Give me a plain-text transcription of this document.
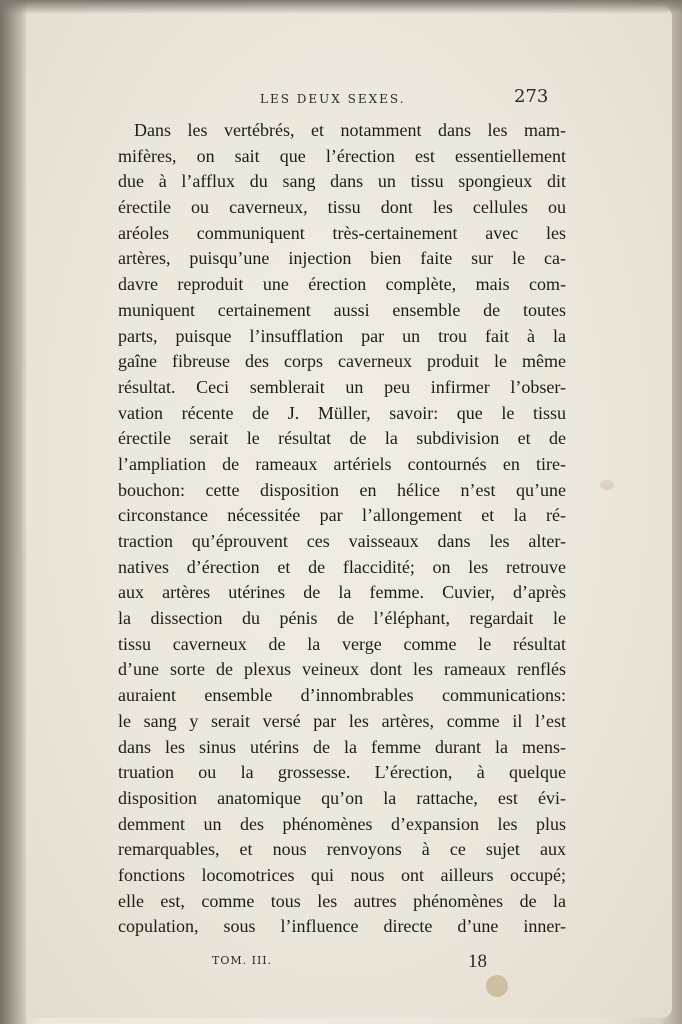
LES DEUX SEXES.	273
Dans les vertébrés, et notamment dans les mam-
mifères, on sait que l’érection est essentiellement
due à l’afflux du sang dans un tissu spongieux dit
érectile ou caverneux, tissu dont les cellules ou
aréoles communiquent très-certainement avec les
artères, puisqu’une injection bien faite sur le ca-
davre reproduit une érection complète, mais com-
muniquent certainement aussi ensemble de toutes
parts, puisque l’insufflation par un trou fait à la
gaîne fibreuse des corps caverneux produit le même
résultat. Ceci semblerait un peu infirmer l’obser-
vation récente de J. Müller, savoir: que le tissu
érectile serait le résultat de la subdivision et de
l’ampliation de rameaux artériels contournés en tire-
bouchon: cette disposition en hélice n’est qu’une
circonstance nécessitée par l’allongement et la ré-
traction qu’éprouvent ces vaisseaux dans les alter-
natives d’érection et de flaccidité; on les retrouve
aux artères utérines de la femme. Cuvier, d’après
la dissection du pénis de l’éléphant, regardait le
tissu caverneux de la verge comme le résultat
d’une sorte de plexus veineux dont les rameaux renflés
auraient ensemble d’innombrables communications:
le sang y serait versé par les artères, comme il l’est
dans les sinus utérins de la femme durant la mens-
truation ou la grossesse. L’érection, à quelque
disposition anatomique qu’on la rattache, est évi-
demment un des phénomènes d’expansion les plus
remarquables, et nous renvoyons à ce sujet aux
fonctions locomotrices qui nous ont ailleurs occupé;
elle est, comme tous les autres phénomènes de la
copulation, sous l’influence directe d’une inner-
TOM. III.	18
